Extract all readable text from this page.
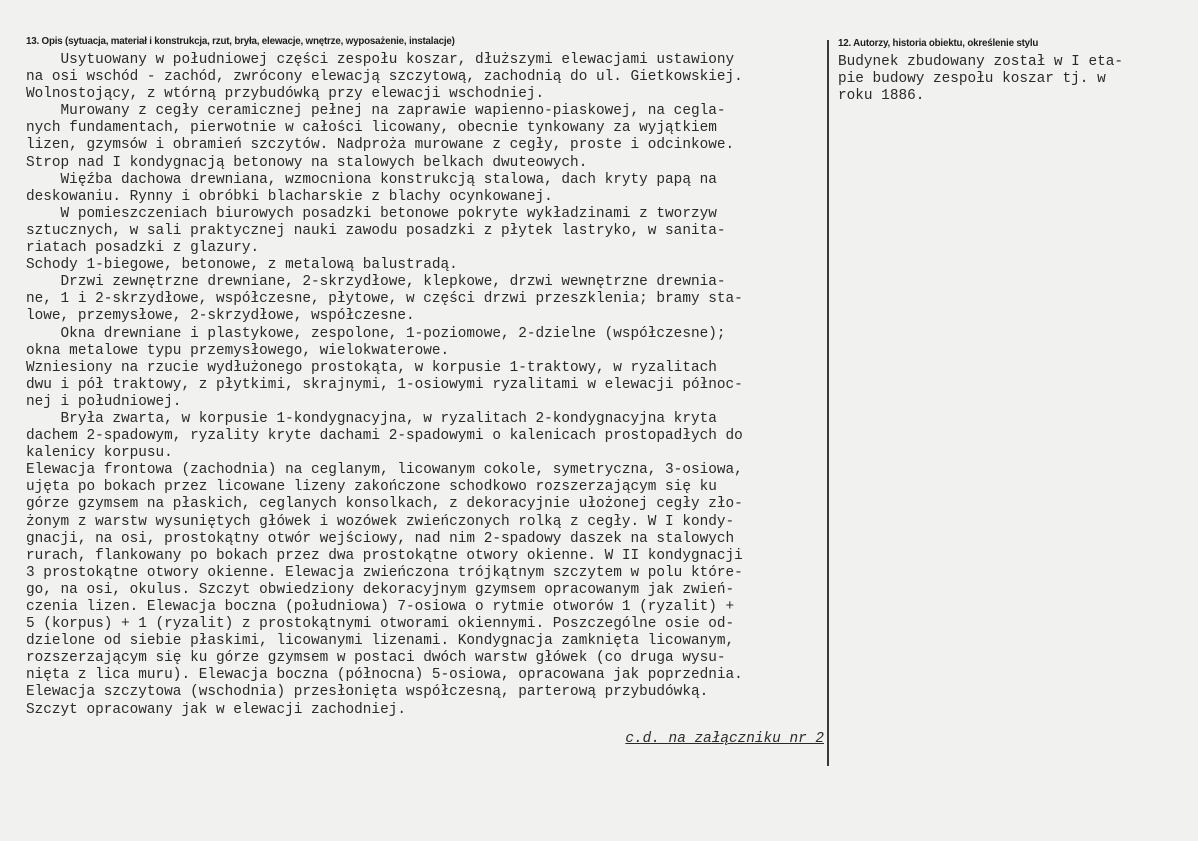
13. Opis (sytuacja, materiał i konstrukcja, rzut, bryła, elewacje, wnętrze, wyposażenie, instalacje)
Usytuowany w południowej części zespołu koszar, dłuższymi elewacjami ustawiony
na osi wschód - zachód, zwrócony elewacją szczytową, zachodnią do ul. Gietkowskiej.
Wolnostojący, z wtórną przybudówką przy elewacji wschodniej.
Murowany z cegły ceramicznej pełnej na zaprawie wapienno-piaskowej, na cegla-
nych fundamentach, pierwotnie w całości licowany, obecnie tynkowany za wyjątkiem
lizen, gzymsów i obramień szczytów. Nadproża murowane z cegły, proste i odcinkowe.
Strop nad I kondygnacją betonowy na stalowych belkach dwuteowych.
Więźba dachowa drewniana, wzmocniona konstrukcją stalowa, dach kryty papą na
deskowaniu. Rynny i obróbki blacharskie z blachy ocynkowanej.
W pomieszczeniach biurowych posadzki betonowe pokryte wykładzinami z tworzyw
sztucznych, w sali praktycznej nauki zawodu posadzki z płytek lastryko, w sanita-
riatach posadzki z glazury.
Schody 1-biegowe, betonowe, z metalową balustradą.
Drzwi zewnętrzne drewniane, 2-skrzydłowe, klepkowe, drzwi wewnętrzne drewnia-
ne, 1 i 2-skrzydłowe, współczesne, płytowe, w części drzwi przeszklenia; bramy sta-
lowe, przemysłowe, 2-skrzydłowe, współczesne.
Okna drewniane i plastykowe, zespolone, 1-poziomowe, 2-dzielne (współczesne);
okna metalowe typu przemysłowego, wielokwaterowe.
Wzniesiony na rzucie wydłużonego prostokąta, w korpusie 1-traktowy, w ryzalitach
dwu i pół traktowy, z płytkimi, skrajnymi, 1-osiowymi ryzalitami w elewacji północ-
nej i południowej.
Bryła zwarta, w korpusie 1-kondygnacyjna, w ryzalitach 2-kondygnacyjna kryta
dachem 2-spadowym, ryzality kryte dachami 2-spadowymi o kalenicach prostopadłych do
kalenicy korpusu.
Elewacja frontowa (zachodnia) na ceglanym, licowanym cokole, symetryczna, 3-osiowa,
ujęta po bokach przez licowane lizeny zakończone schodkowo rozszerzającym się ku
górze gzymsem na płaskich, ceglanych konsolkach, z dekoracyjnie ułożonej cegły zło-
żonym z warstw wysuniętych główek i wozówek zwieńczonych rolką z cegły. W I kondy-
gnacji, na osi, prostokątny otwór wejściowy, nad nim 2-spadowy daszek na stalowych
rurach, flankowany po bokach przez dwa prostokątne otwory okienne. W II kondygnacji
3 prostokątne otwory okienne. Elewacja zwieńczona trójkątnym szczytem w polu które-
go, na osi, okulus. Szczyt obwiedziony dekoracyjnym gzymsem opracowanym jak zwień-
czenia lizen. Elewacja boczna (południowa) 7-osiowa o rytmie otworów 1 (ryzalit) +
5 (korpus) + 1 (ryzalit) z prostokątnymi otworami okiennymi. Poszczególne osie od-
dzielone od siebie płaskimi, licowanymi lizenami. Kondygnacja zamknięta licowanym,
rozszerzającym się ku górze gzymsem w postaci dwóch warstw główek (co druga wysu-
nięta z lica muru). Elewacja boczna (północna) 5-osiowa, opracowana jak poprzednia.
Elewacja szczytowa (wschodnia) przesłonięta współczesną, parterową przybudówką.
Szczyt opracowany jak w elewacji zachodniej.
12. Autorzy, historia obiektu, określenie stylu
Budynek zbudowany został w I eta-
pie budowy zespołu koszar tj. w
roku 1886.
c.d. na załączniku nr 2
